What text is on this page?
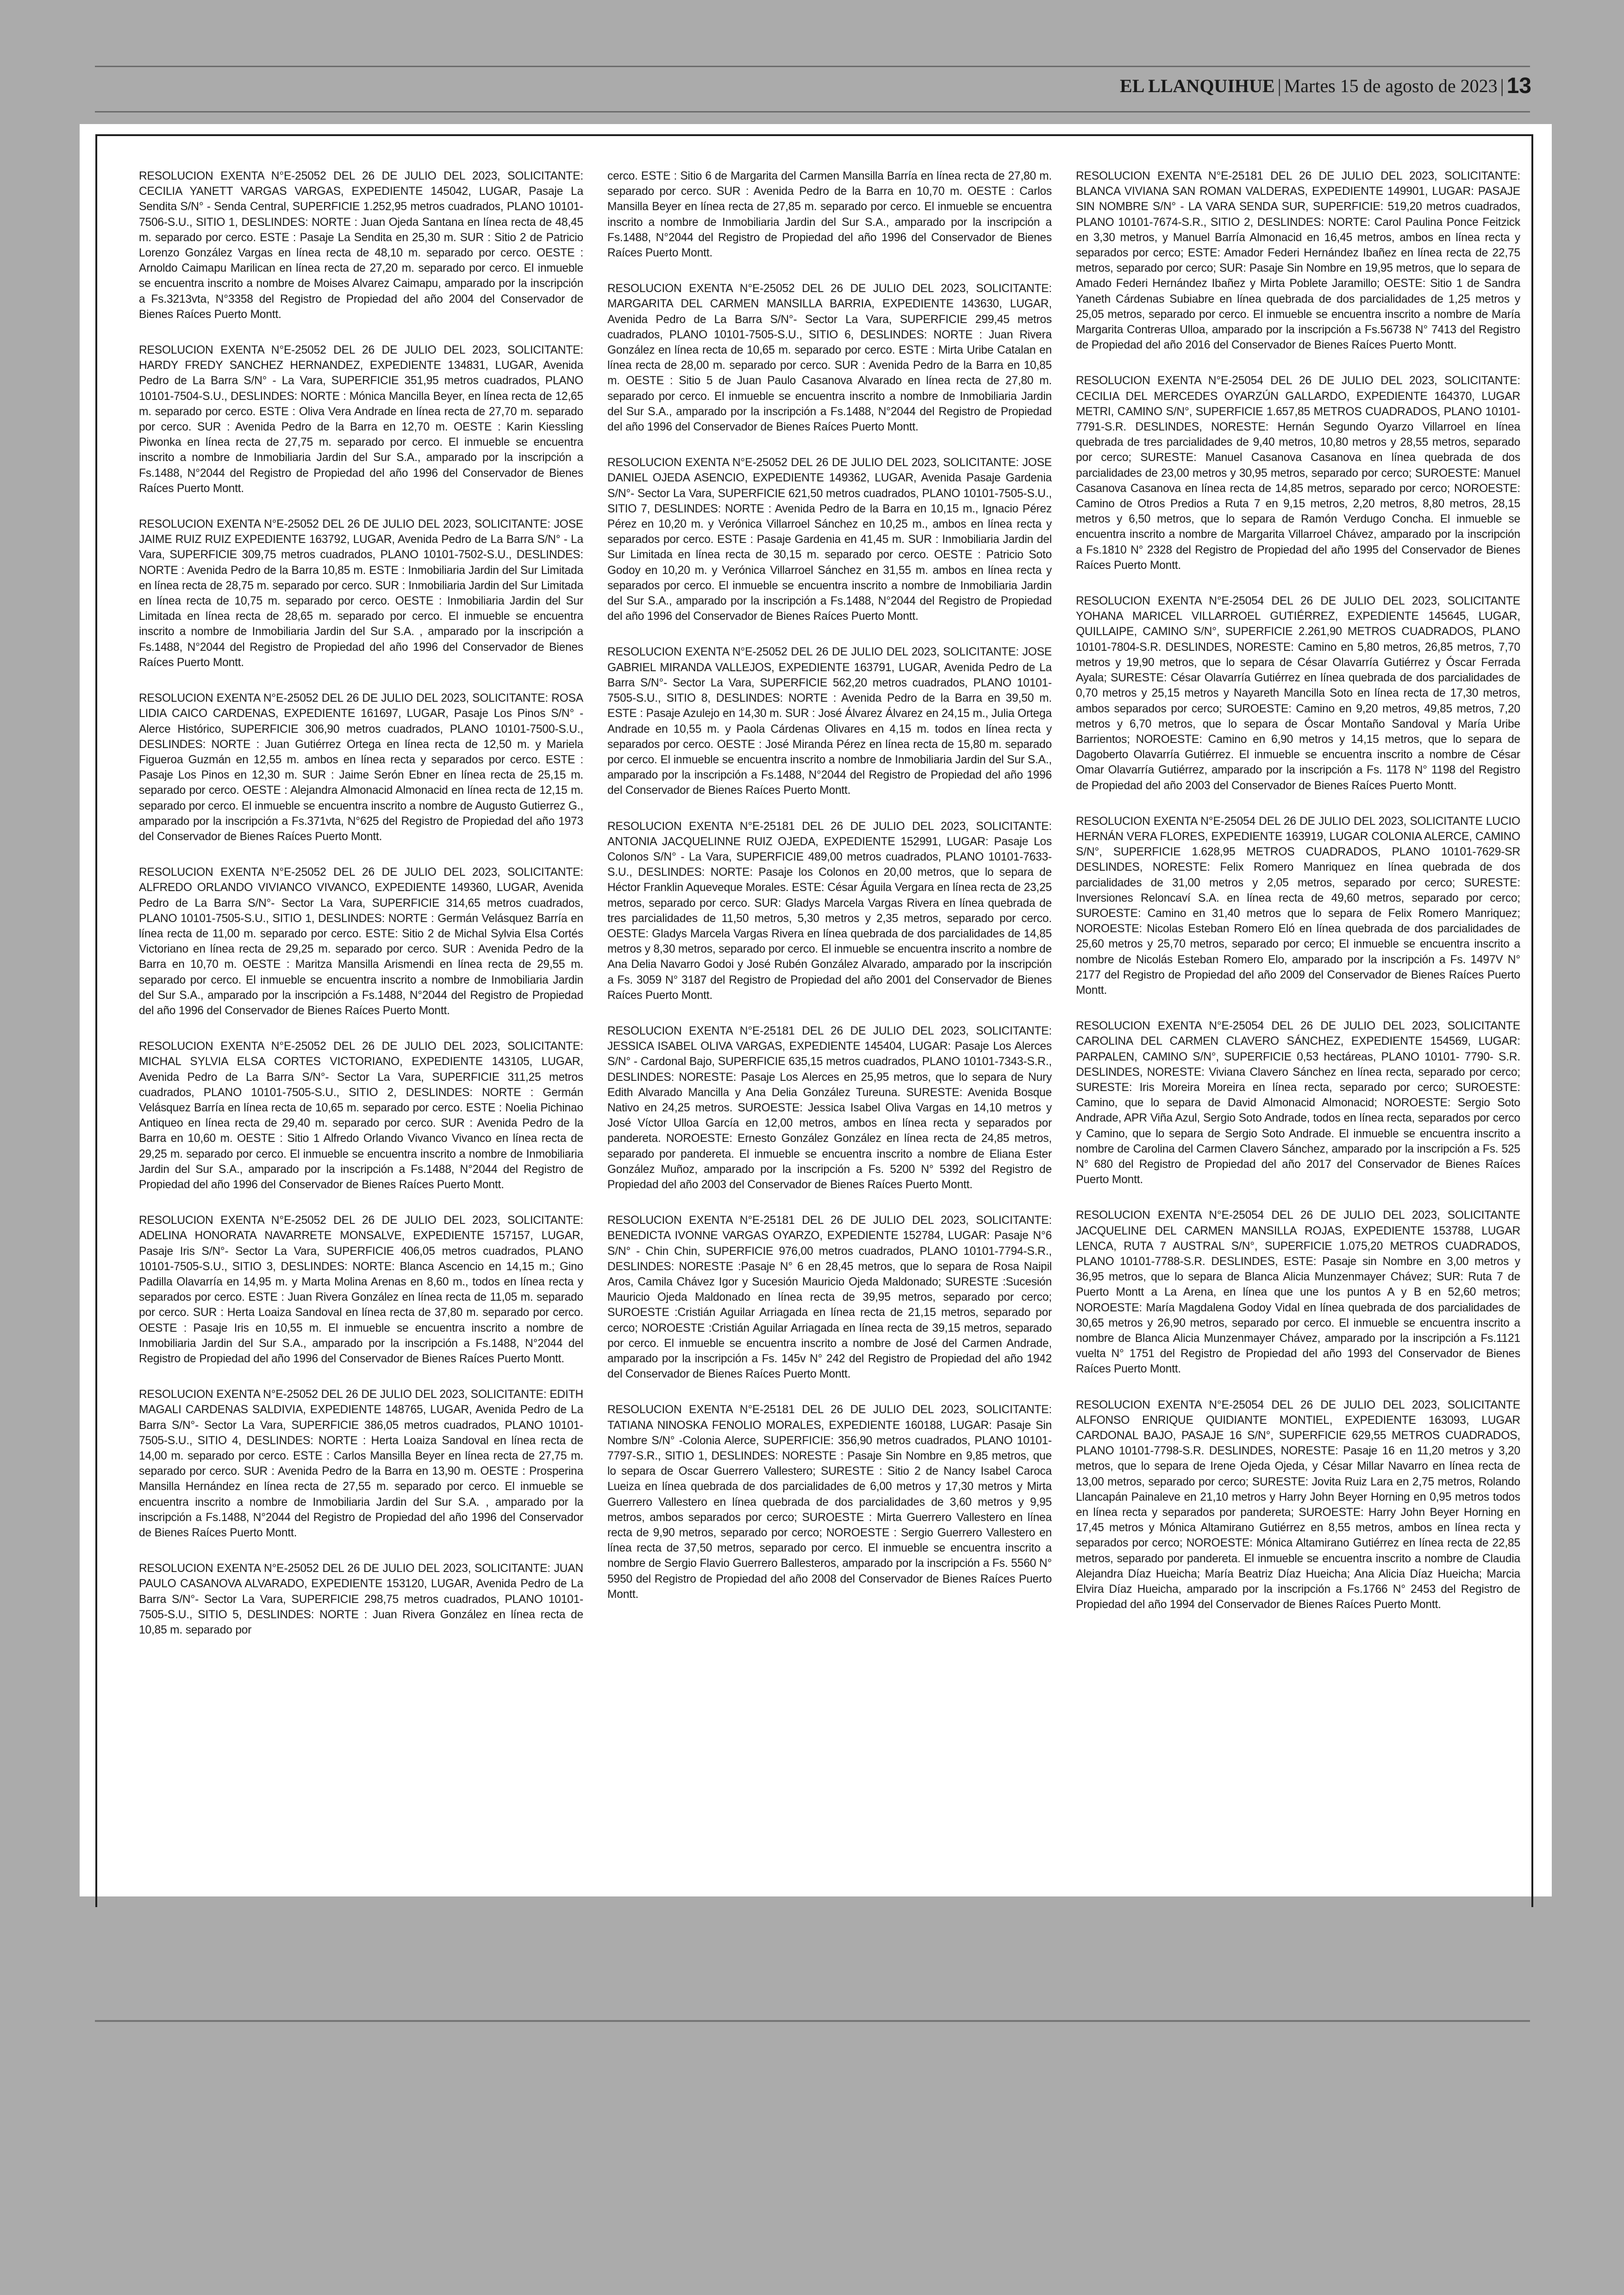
EL LLANQUIHUE | Martes 15 de agosto de 2023 | 13

RESOLUCION EXENTA N°E-25052 DEL 26 DE JULIO DEL 2023, SOLICITANTE: CECILIA YANETT VARGAS VARGAS, EXPEDIENTE 145042, LUGAR, Pasaje La Sendita S/N° - Senda Central, SUPERFICIE 1.252,95 metros cuadrados, PLANO 10101-7506-S.U., SITIO 1, DESLINDES: NORTE : Juan Ojeda Santana en línea recta de 48,45 m. separado por cerco. ESTE : Pasaje La Sendita en 25,30 m. SUR : Sitio 2 de Patricio Lorenzo González Vargas en línea recta de 48,10 m. separado por cerco. OESTE : Arnoldo Caimapu Marilican en línea recta de 27,20 m. separado por cerco. El inmueble se encuentra inscrito a nombre de Moises Alvarez Caimapu, amparado por la inscripción a Fs.3213vta, N°3358 del Registro de Propiedad del año 2004 del Conservador de Bienes Raíces Puerto Montt.

RESOLUCION EXENTA N°E-25052 DEL 26 DE JULIO DEL 2023, SOLICITANTE: HARDY FREDY SANCHEZ HERNANDEZ, EXPEDIENTE 134831, LUGAR, Avenida Pedro de La Barra S/N° - La Vara, SUPERFICIE 351,95 metros cuadrados, PLANO 10101-7504-S.U., DESLINDES: NORTE : Mónica Mancilla Beyer, en línea recta de 12,65 m. separado por cerco. ESTE : Oliva Vera Andrade en línea recta de 27,70 m. separado por cerco. SUR : Avenida Pedro de la Barra en 12,70 m. OESTE : Karin Kiessling Piwonka en línea recta de 27,75 m. separado por cerco. El inmueble se encuentra inscrito a nombre de Inmobiliaria Jardin del Sur S.A., amparado por la inscripción a Fs.1488, N°2044 del Registro de Propiedad del año 1996 del Conservador de Bienes Raíces Puerto Montt.

RESOLUCION EXENTA N°E-25052 DEL 26 DE JULIO DEL 2023, SOLICITANTE: JOSE JAIME RUIZ RUIZ EXPEDIENTE 163792, LUGAR, Avenida Pedro de La Barra S/N° - La Vara, SUPERFICIE 309,75 metros cuadrados, PLANO 10101-7502-S.U., DESLINDES: NORTE : Avenida Pedro de la Barra 10,85 m. ESTE : Inmobiliaria Jardin del Sur Limitada en línea recta de 28,75 m. separado por cerco. SUR : Inmobiliaria Jardin del Sur Limitada en línea recta de 10,75 m. separado por cerco. OESTE : Inmobiliaria Jardin del Sur Limitada en línea recta de 28,65 m. separado por cerco. El inmueble se encuentra inscrito a nombre de Inmobiliaria Jardin del Sur S.A. , amparado por la inscripción a Fs.1488, N°2044 del Registro de Propiedad del año 1996 del Conservador de Bienes Raíces Puerto Montt.

RESOLUCION EXENTA N°E-25052 DEL 26 DE JULIO DEL 2023, SOLICITANTE: ROSA LIDIA CAICO CARDENAS, EXPEDIENTE 161697, LUGAR, Pasaje Los Pinos S/N° - Alerce Histórico, SUPERFICIE 306,90 metros cuadrados, PLANO 10101-7500-S.U., DESLINDES: NORTE : Juan Gutiérrez Ortega en línea recta de 12,50 m. y Mariela Figueroa Guzmán en 12,55 m. ambos en línea recta y separados por cerco. ESTE : Pasaje Los Pinos en 12,30 m. SUR : Jaime Serón Ebner en línea recta de 25,15 m. separado por cerco. OESTE : Alejandra Almonacid Almonacid en línea recta de 12,15 m. separado por cerco. El inmueble se encuentra inscrito a nombre de Augusto Gutierrez G., amparado por la inscripción a Fs.371vta, N°625 del Registro de Propiedad del año 1973 del Conservador de Bienes Raíces Puerto Montt.

RESOLUCION EXENTA N°E-25052 DEL 26 DE JULIO DEL 2023, SOLICITANTE: ALFREDO ORLANDO VIVIANCO VIVANCO, EXPEDIENTE 149360, LUGAR, Avenida Pedro de La Barra S/N°- Sector La Vara, SUPERFICIE 314,65 metros cuadrados, PLANO 10101-7505-S.U., SITIO 1, DESLINDES: NORTE : Germán Velásquez Barría en línea recta de 11,00 m. separado por cerco. ESTE: Sitio 2 de Michal Sylvia Elsa Cortés Victoriano en línea recta de 29,25 m. separado por cerco. SUR : Avenida Pedro de la Barra en 10,70 m. OESTE : Maritza Mansilla Arismendi en línea recta de 29,55 m. separado por cerco. El inmueble se encuentra inscrito a nombre de Inmobiliaria Jardin del Sur S.A., amparado por la inscripción a Fs.1488, N°2044 del Registro de Propiedad del año 1996 del Conservador de Bienes Raíces Puerto Montt.

RESOLUCION EXENTA N°E-25052 DEL 26 DE JULIO DEL 2023, SOLICITANTE: MICHAL SYLVIA ELSA CORTES VICTORIANO, EXPEDIENTE 143105, LUGAR, Avenida Pedro de La Barra S/N°- Sector La Vara, SUPERFICIE 311,25 metros cuadrados, PLANO 10101-7505-S.U., SITIO 2, DESLINDES: NORTE : Germán Velásquez Barría en línea recta de 10,65 m. separado por cerco. ESTE : Noelia Pichinao Antiqueo en línea recta de 29,40 m. separado por cerco. SUR : Avenida Pedro de la Barra en 10,60 m. OESTE : Sitio 1 Alfredo Orlando Vivanco Vivanco en línea recta de 29,25 m. separado por cerco. El inmueble se encuentra inscrito a nombre de Inmobiliaria Jardin del Sur S.A., amparado por la inscripción a Fs.1488, N°2044 del Registro de Propiedad del año 1996 del Conservador de Bienes Raíces Puerto Montt.

RESOLUCION EXENTA N°E-25052 DEL 26 DE JULIO DEL 2023, SOLICITANTE: ADELINA HONORATA NAVARRETE MONSALVE, EXPEDIENTE 157157, LUGAR, Pasaje Iris S/N°- Sector La Vara, SUPERFICIE 406,05 metros cuadrados, PLANO 10101-7505-S.U., SITIO 3, DESLINDES: NORTE: Blanca Ascencio en 14,15 m.; Gino Padilla Olavarría en 14,95 m. y Marta Molina Arenas en 8,60 m., todos en línea recta y separados por cerco. ESTE : Juan Rivera González en línea recta de 11,05 m. separado por cerco. SUR : Herta Loaiza Sandoval en línea recta de 37,80 m. separado por cerco. OESTE : Pasaje Iris en 10,55 m. El inmueble se encuentra inscrito a nombre de Inmobiliaria Jardin del Sur S.A., amparado por la inscripción a Fs.1488, N°2044 del Registro de Propiedad del año 1996 del Conservador de Bienes Raíces Puerto Montt.

RESOLUCION EXENTA N°E-25052 DEL 26 DE JULIO DEL 2023, SOLICITANTE: EDITH MAGALI CARDENAS SALDIVIA, EXPEDIENTE 148765, LUGAR, Avenida Pedro de La Barra S/N°- Sector La Vara, SUPERFICIE 386,05 metros cuadrados, PLANO 10101-7505-S.U., SITIO 4, DESLINDES: NORTE : Herta Loaiza Sandoval en línea recta de 14,00 m. separado por cerco. ESTE : Carlos Mansilla Beyer en línea recta de 27,75 m. separado por cerco. SUR : Avenida Pedro de la Barra en 13,90 m. OESTE : Prosperina Mansilla Hernández en línea recta de 27,55 m. separado por cerco. El inmueble se encuentra inscrito a nombre de Inmobiliaria Jardin del Sur S.A. , amparado por la inscripción a Fs.1488, N°2044 del Registro de Propiedad del año 1996 del Conservador de Bienes Raíces Puerto Montt.

RESOLUCION EXENTA N°E-25052 DEL 26 DE JULIO DEL 2023, SOLICITANTE: JUAN PAULO CASANOVA ALVARADO, EXPEDIENTE 153120, LUGAR, Avenida Pedro de La Barra S/N°- Sector La Vara, SUPERFICIE 298,75 metros cuadrados, PLANO 10101-7505-S.U., SITIO 5, DESLINDES: NORTE : Juan Rivera González en línea recta de 10,85 m. separado por

cerco. ESTE : Sitio 6 de Margarita del Carmen Mansilla Barría en línea recta de 27,80 m. separado por cerco. SUR : Avenida Pedro de la Barra en 10,70 m. OESTE : Carlos Mansilla Beyer en línea recta de 27,85 m. separado por cerco. El inmueble se encuentra inscrito a nombre de Inmobiliaria Jardin del Sur S.A., amparado por la inscripción a Fs.1488, N°2044 del Registro de Propiedad del año 1996 del Conservador de Bienes Raíces Puerto Montt.

RESOLUCION EXENTA N°E-25052 DEL 26 DE JULIO DEL 2023, SOLICITANTE: MARGARITA DEL CARMEN MANSILLA BARRIA, EXPEDIENTE 143630, LUGAR, Avenida Pedro de La Barra S/N°- Sector La Vara, SUPERFICIE 299,45 metros cuadrados, PLANO 10101-7505-S.U., SITIO 6, DESLINDES: NORTE : Juan Rivera González en línea recta de 10,65 m. separado por cerco. ESTE : Mirta Uribe Catalan en línea recta de 28,00 m. separado por cerco. SUR : Avenida Pedro de la Barra en 10,85 m. OESTE : Sitio 5 de Juan Paulo Casanova Alvarado en línea recta de 27,80 m. separado por cerco. El inmueble se encuentra inscrito a nombre de Inmobiliaria Jardin del Sur S.A., amparado por la inscripción a Fs.1488, N°2044 del Registro de Propiedad del año 1996 del Conservador de Bienes Raíces Puerto Montt.

RESOLUCION EXENTA N°E-25052 DEL 26 DE JULIO DEL 2023, SOLICITANTE: JOSE DANIEL OJEDA ASENCIO, EXPEDIENTE 149362, LUGAR, Avenida Pasaje Gardenia S/N°- Sector La Vara, SUPERFICIE 621,50 metros cuadrados, PLANO 10101-7505-S.U., SITIO 7, DESLINDES: NORTE : Avenida Pedro de la Barra en 10,15 m., Ignacio Pérez Pérez en 10,20 m. y Verónica Villarroel Sánchez en 10,25 m., ambos en línea recta y separados por cerco. ESTE : Pasaje Gardenia en 41,45 m. SUR : Inmobiliaria Jardin del Sur Limitada en línea recta de 30,15 m. separado por cerco. OESTE : Patricio Soto Godoy en 10,20 m. y Verónica Villarroel Sánchez en 31,55 m. ambos en línea recta y separados por cerco. El inmueble se encuentra inscrito a nombre de Inmobiliaria Jardin del Sur S.A., amparado por la inscripción a Fs.1488, N°2044 del Registro de Propiedad del año 1996 del Conservador de Bienes Raíces Puerto Montt.

RESOLUCION EXENTA N°E-25052 DEL 26 DE JULIO DEL 2023, SOLICITANTE: JOSE GABRIEL MIRANDA VALLEJOS, EXPEDIENTE 163791, LUGAR, Avenida Pedro de La Barra S/N°- Sector La Vara, SUPERFICIE 562,20 metros cuadrados, PLANO 10101-7505-S.U., SITIO 8, DESLINDES: NORTE : Avenida Pedro de la Barra en 39,50 m. ESTE : Pasaje Azulejo en 14,30 m. SUR : José Álvarez Álvarez en 24,15 m., Julia Ortega Andrade en 10,55 m. y Paola Cárdenas Olivares en 4,15 m. todos en línea recta y separados por cerco. OESTE : José Miranda Pérez en línea recta de 15,80 m. separado por cerco. El inmueble se encuentra inscrito a nombre de Inmobiliaria Jardin del Sur S.A., amparado por la inscripción a Fs.1488, N°2044 del Registro de Propiedad del año 1996 del Conservador de Bienes Raíces Puerto Montt.

RESOLUCION EXENTA N°E-25181 DEL 26 DE JULIO DEL 2023, SOLICITANTE: ANTONIA JACQUELINNE RUIZ OJEDA, EXPEDIENTE 152991, LUGAR: Pasaje Los Colonos S/N° - La Vara, SUPERFICIE 489,00 metros cuadrados, PLANO 10101-7633-S.U., DESLINDES: NORTE: Pasaje los Colonos en 20,00 metros, que lo separa de Héctor Franklin Aqueveque Morales. ESTE: César Águila Vergara en línea recta de 23,25 metros, separado por cerco. SUR: Gladys Marcela Vargas Rivera en línea quebrada de tres parcialidades de 11,50 metros, 5,30 metros y 2,35 metros, separado por cerco. OESTE: Gladys Marcela Vargas Rivera en línea quebrada de dos parcialidades de 14,85 metros y 8,30 metros, separado por cerco. El inmueble se encuentra inscrito a nombre de Ana Delia Navarro Godoi y José Rubén González Alvarado, amparado por la inscripción a Fs. 3059 N° 3187 del Registro de Propiedad del año 2001 del Conservador de Bienes Raíces Puerto Montt.

RESOLUCION EXENTA N°E-25181 DEL 26 DE JULIO DEL 2023, SOLICITANTE: JESSICA ISABEL OLIVA VARGAS, EXPEDIENTE 145404, LUGAR: Pasaje Los Alerces S/N° - Cardonal Bajo, SUPERFICIE 635,15 metros cuadrados, PLANO 10101-7343-S.R., DESLINDES: NORESTE: Pasaje Los Alerces en 25,95 metros, que lo separa de Nury Edith Alvarado Mancilla y Ana Delia González Tureuna. SURESTE: Avenida Bosque Nativo en 24,25 metros. SUROESTE: Jessica Isabel Oliva Vargas en 14,10 metros y José Víctor Ulloa García en 12,00 metros, ambos en línea recta y separados por pandereta. NOROESTE: Ernesto González González en línea recta de 24,85 metros, separado por pandereta. El inmueble se encuentra inscrito a nombre de Eliana Ester González Muñoz, amparado por la inscripción a Fs. 5200 N° 5392 del Registro de Propiedad del año 2003 del Conservador de Bienes Raíces Puerto Montt.

RESOLUCION EXENTA N°E-25181 DEL 26 DE JULIO DEL 2023, SOLICITANTE: BENEDICTA IVONNE VARGAS OYARZO, EXPEDIENTE 152784, LUGAR: Pasaje N°6 S/N° - Chin Chin, SUPERFICIE 976,00 metros cuadrados, PLANO 10101-7794-S.R., DESLINDES: NORESTE :Pasaje N° 6 en 28,45 metros, que lo separa de Rosa Naipil Aros, Camila Chávez Igor y Sucesión Mauricio Ojeda Maldonado; SURESTE :Sucesión Mauricio Ojeda Maldonado en línea recta de 39,95 metros, separado por cerco; SUROESTE :Cristián Aguilar Arriagada en línea recta de 21,15 metros, separado por cerco; NOROESTE :Cristián Aguilar Arriagada en línea recta de 39,15 metros, separado por cerco. El inmueble se encuentra inscrito a nombre de José del Carmen Andrade, amparado por la inscripción a Fs. 145v N° 242 del Registro de Propiedad del año 1942 del Conservador de Bienes Raíces Puerto Montt.

RESOLUCION EXENTA N°E-25181 DEL 26 DE JULIO DEL 2023, SOLICITANTE: TATIANA NINOSKA FENOLIO MORALES, EXPEDIENTE 160188, LUGAR: Pasaje Sin Nombre S/N° -Colonia Alerce, SUPERFICIE: 356,90 metros cuadrados, PLANO 10101-7797-S.R., SITIO 1, DESLINDES: NORESTE : Pasaje Sin Nombre en 9,85 metros, que lo separa de Oscar Guerrero Vallestero; SURESTE : Sitio 2 de Nancy Isabel Caroca Lueiza en línea quebrada de dos parcialidades de 6,00 metros y 17,30 metros y Mirta Guerrero Vallestero en línea quebrada de dos parcialidades de 3,60 metros y 9,95 metros, ambos separados por cerco; SUROESTE : Mirta Guerrero Vallestero en línea recta de 9,90 metros, separado por cerco; NOROESTE : Sergio Guerrero Vallestero en línea recta de 37,50 metros, separado por cerco. El inmueble se encuentra inscrito a nombre de Sergio Flavio Guerrero Ballesteros, amparado por la inscripción a Fs. 5560 N° 5950 del Registro de Propiedad del año 2008 del Conservador de Bienes Raíces Puerto Montt.

RESOLUCION EXENTA N°E-25181 DEL 26 DE JULIO DEL 2023, SOLICITANTE: BLANCA VIVIANA SAN ROMAN VALDERAS, EXPEDIENTE 149901, LUGAR: PASAJE SIN NOMBRE S/N° - LA VARA SENDA SUR, SUPERFICIE: 519,20 metros cuadrados, PLANO 10101-7674-S.R., SITIO 2, DESLINDES: NORTE: Carol Paulina Ponce Feitzick en 3,30 metros, y Manuel Barría Almonacid en 16,45 metros, ambos en línea recta y separados por cerco; ESTE: Amador Federi Hernández Ibañez en línea recta de 22,75 metros, separado por cerco; SUR: Pasaje Sin Nombre en 19,95 metros, que lo separa de Amado Federi Hernández Ibañez y Mirta Poblete Jaramillo; OESTE: Sitio 1 de Sandra Yaneth Cárdenas Subiabre en línea quebrada de dos parcialidades de 1,25 metros y 25,05 metros, separado por cerco. El inmueble se encuentra inscrito a nombre de María Margarita Contreras Ulloa, amparado por la inscripción a Fs.56738 N° 7413 del Registro de Propiedad del año 2016 del Conservador de Bienes Raíces Puerto Montt.

RESOLUCION EXENTA N°E-25054 DEL 26 DE JULIO DEL 2023, SOLICITANTE: CECILIA DEL MERCEDES OYARZÚN GALLARDO, EXPEDIENTE 164370, LUGAR METRI, CAMINO S/N°, SUPERFICIE 1.657,85 METROS CUADRADOS, PLANO 10101-7791-S.R. DESLINDES, NORESTE: Hernán Segundo Oyarzo Villarroel en línea quebrada de tres parcialidades de 9,40 metros, 10,80 metros y 28,55 metros, separado por cerco; SURESTE: Manuel Casanova Casanova en línea quebrada de dos parcialidades de 23,00 metros y 30,95 metros, separado por cerco; SUROESTE: Manuel Casanova Casanova en línea recta de 14,85 metros, separado por cerco; NOROESTE: Camino de Otros Predios a Ruta 7 en 9,15 metros, 2,20 metros, 8,80 metros, 28,15 metros y 6,50 metros, que lo separa de Ramón Verdugo Concha. El inmueble se encuentra inscrito a nombre de Margarita Villarroel Chávez, amparado por la inscripción a Fs.1810 N° 2328 del Registro de Propiedad del año 1995 del Conservador de Bienes Raíces Puerto Montt.

RESOLUCION EXENTA N°E-25054 DEL 26 DE JULIO DEL 2023, SOLICITANTE YOHANA MARICEL VILLARROEL GUTIÉRREZ, EXPEDIENTE 145645, LUGAR, QUILLAIPE, CAMINO S/N°, SUPERFICIE 2.261,90 METROS CUADRADOS, PLANO 10101-7804-S.R. DESLINDES, NORESTE: Camino en 5,80 metros, 26,85 metros, 7,70 metros y 19,90 metros, que lo separa de César Olavarría Gutiérrez y Óscar Ferrada Ayala; SURESTE: César Olavarría Gutiérrez en línea quebrada de dos parcialidades de 0,70 metros y 25,15 metros y Nayareth Mancilla Soto en línea recta de 17,30 metros, ambos separados por cerco; SUROESTE: Camino en 9,20 metros, 49,85 metros, 7,20 metros y 6,70 metros, que lo separa de Óscar Montaño Sandoval y María Uribe Barrientos; NOROESTE: Camino en 6,90 metros y 14,15 metros, que lo separa de Dagoberto Olavarría Gutiérrez. El inmueble se encuentra inscrito a nombre de César Omar Olavarría Gutiérrez, amparado por la inscripción a Fs. 1178 N° 1198 del Registro de Propiedad del año 2003 del Conservador de Bienes Raíces Puerto Montt.

RESOLUCION EXENTA N°E-25054 DEL 26 DE JULIO DEL 2023, SOLICITANTE LUCIO HERNÁN VERA FLORES, EXPEDIENTE 163919, LUGAR COLONIA ALERCE, CAMINO S/N°, SUPERFICIE 1.628,95 METROS CUADRADOS, PLANO 10101-7629-SR DESLINDES, NORESTE: Felix Romero Manriquez en línea quebrada de dos parcialidades de 31,00 metros y 2,05 metros, separado por cerco; SURESTE: Inversiones Reloncaví S.A. en línea recta de 49,60 metros, separado por cerco; SUROESTE: Camino en 31,40 metros que lo separa de Felix Romero Manriquez; NOROESTE: Nicolas Esteban Romero Eló en línea quebrada de dos parcialidades de 25,60 metros y 25,70 metros, separado por cerco; El inmueble se encuentra inscrito a nombre de Nicolás Esteban Romero Elo, amparado por la inscripción a Fs. 1497V N° 2177 del Registro de Propiedad del año 2009 del Conservador de Bienes Raíces Puerto Montt.

RESOLUCION EXENTA N°E-25054 DEL 26 DE JULIO DEL 2023, SOLICITANTE CAROLINA DEL CARMEN CLAVERO SÁNCHEZ, EXPEDIENTE 154569, LUGAR: PARPALEN, CAMINO S/N°, SUPERFICIE 0,53 hectáreas, PLANO 10101- 7790- S.R. DESLINDES, NORESTE: Viviana Clavero Sánchez en línea recta, separado por cerco; SURESTE: Iris Moreira Moreira en línea recta, separado por cerco; SUROESTE: Camino, que lo separa de David Almonacid Almonacid; NOROESTE: Sergio Soto Andrade, APR Viña Azul, Sergio Soto Andrade, todos en línea recta, separados por cerco y Camino, que lo separa de Sergio Soto Andrade. El inmueble se encuentra inscrito a nombre de Carolina del Carmen Clavero Sánchez, amparado por la inscripción a Fs. 525 N° 680 del Registro de Propiedad del año 2017 del Conservador de Bienes Raíces Puerto Montt.

RESOLUCION EXENTA N°E-25054 DEL 26 DE JULIO DEL 2023, SOLICITANTE JACQUELINE DEL CARMEN MANSILLA ROJAS, EXPEDIENTE 153788, LUGAR LENCA, RUTA 7 AUSTRAL S/N°, SUPERFICIE 1.075,20 METROS CUADRADOS, PLANO 10101-7788-S.R. DESLINDES, ESTE: Pasaje sin Nombre en 3,00 metros y 36,95 metros, que lo separa de Blanca Alicia Munzenmayer Chávez; SUR: Ruta 7 de Puerto Montt a La Arena, en línea que une los puntos A y B en 52,60 metros; NOROESTE: María Magdalena Godoy Vidal en línea quebrada de dos parcialidades de 30,65 metros y 26,90 metros, separado por cerco. El inmueble se encuentra inscrito a nombre de Blanca Alicia Munzenmayer Chávez, amparado por la inscripción a Fs.1121 vuelta N° 1751 del Registro de Propiedad del año 1993 del Conservador de Bienes Raíces Puerto Montt.

RESOLUCION EXENTA N°E-25054 DEL 26 DE JULIO DEL 2023, SOLICITANTE ALFONSO ENRIQUE QUIDIANTE MONTIEL, EXPEDIENTE 163093, LUGAR CARDONAL BAJO, PASAJE 16 S/N°, SUPERFICIE 629,55 METROS CUADRADOS, PLANO 10101-7798-S.R. DESLINDES, NORESTE: Pasaje 16 en 11,20 metros y 3,20 metros, que lo separa de Irene Ojeda Ojeda, y César Millar Navarro en línea recta de 13,00 metros, separado por cerco; SURESTE: Jovita Ruiz Lara en 2,75 metros, Rolando Llancapán Painaleve en 21,10 metros y Harry John Beyer Horning en 0,95 metros todos en línea recta y separados por pandereta; SUROESTE: Harry John Beyer Horning en 17,45 metros y Mónica Altamirano Gutiérrez en 8,55 metros, ambos en línea recta y separados por cerco; NOROESTE: Mónica Altamirano Gutiérrez en línea recta de 22,85 metros, separado por pandereta. El inmueble se encuentra inscrito a nombre de Claudia Alejandra Díaz Hueicha; María Beatriz Díaz Hueicha; Ana Alicia Díaz Hueicha; Marcia Elvira Díaz Hueicha, amparado por la inscripción a Fs.1766 N° 2453 del Registro de Propiedad del año 1994 del Conservador de Bienes Raíces Puerto Montt.
